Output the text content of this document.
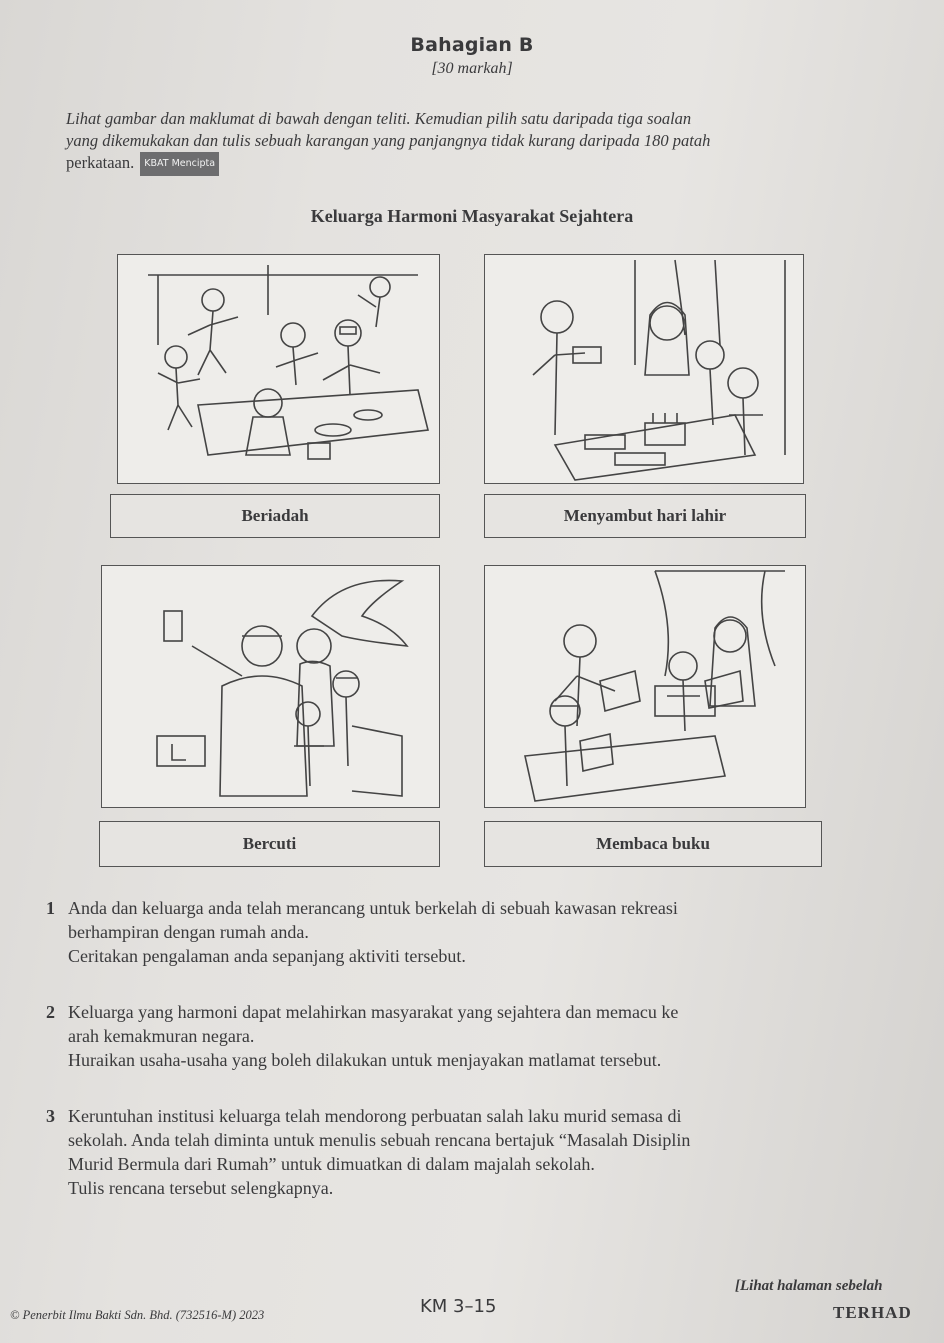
Bahagian B
[30 markah]
Lihat gambar dan maklumat di bawah dengan teliti. Kemudian pilih satu daripada tiga soalan
yang dikemukakan dan tulis sebuah karangan yang panjangnya tidak kurang daripada 180 patah
perkataan. KBAT Mencipta
Keluarga Harmoni Masyarakat Sejahtera
Beriadah	Menyambut hari lahir
Bercuti	Membaca buku
1 Anda dan keluarga anda telah merancang untuk berkelah di sebuah kawasan rekreasi
berhampiran dengan rumah anda.
Ceritakan pengalaman anda sepanjang aktiviti tersebut.
2 Keluarga yang harmoni dapat melahirkan masyarakat yang sejahtera dan memacu ke
arah kemakmuran negara.
Huraikan usaha-usaha yang boleh dilakukan untuk menjayakan matlamat tersebut.
3 Keruntuhan institusi keluarga telah mendorong perbuatan salah laku murid semasa di
sekolah. Anda telah diminta untuk menulis sebuah rencana bertajuk “Masalah Disiplin
Murid Bermula dari Rumah” untuk dimuatkan di dalam majalah sekolah.
Tulis rencana tersebut selengkapnya.
© Penerbit Ilmu Bakti Sdn. Bhd. (732516-M) 2023	KM 3–15
[Lihat halaman sebelah
TERHAD
